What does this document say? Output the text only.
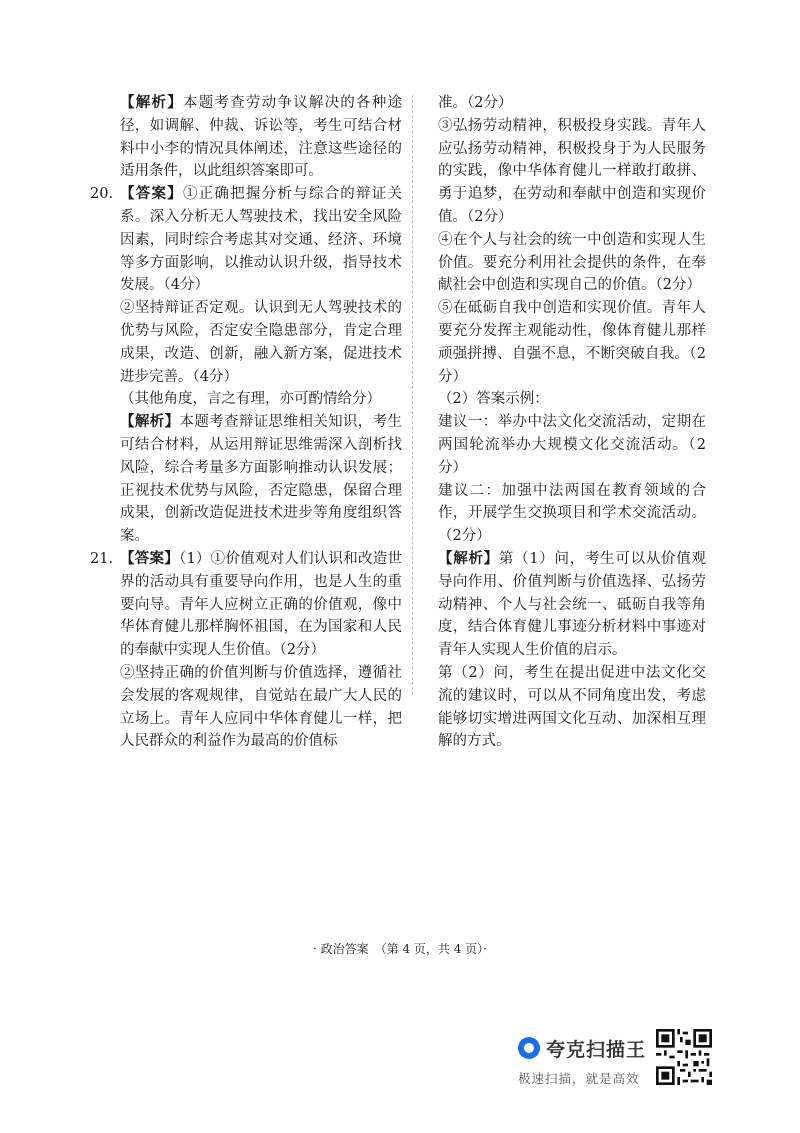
【解析】本题考查劳动争议解决的各种途径，如调解、仲裁、诉讼等，考生可结合材料中小李的情况具体阐述，注意这些途径的适用条件，以此组织答案即可。

20. 【答案】①正确把握分析与综合的辩证关系。深入分析无人驾驶技术，找出安全风险因素，同时综合考虑其对交通、经济、环境等多方面影响，以推动认识升级，指导技术发展。（4分）

②坚持辩证否定观。认识到无人驾驶技术的优势与风险，否定安全隐患部分，肯定合理成果，改造、创新，融入新方案，促进技术进步完善。（4分）

（其他角度，言之有理，亦可酌情给分）

【解析】本题考查辩证思维相关知识，考生可结合材料，从运用辩证思维需深入剖析找风险，综合考量多方面影响推动认识发展；正视技术优势与风险，否定隐患，保留合理成果，创新改造促进技术进步等角度组织答案。

21. 【答案】（1）①价值观对人们认识和改造世界的活动具有重要导向作用，也是人生的重要向导。青年人应树立正确的价值观，像中华体育健儿那样胸怀祖国，在为国家和人民的奉献中实现人生价值。（2分）

②坚持正确的价值判断与价值选择，遵循社会发展的客观规律，自觉站在最广大人民的立场上。青年人应同中华体育健儿一样，把人民群众的利益作为最高的价值标

准。（2分）

③弘扬劳动精神，积极投身实践。青年人应弘扬劳动精神，积极投身于为人民服务的实践，像中华体育健儿一样敢打敢拼、勇于追梦，在劳动和奉献中创造和实现价值。（2分）

④在个人与社会的统一中创造和实现人生价值。要充分利用社会提供的条件，在奉献社会中创造和实现自己的价值。（2分）

⑤在砥砺自我中创造和实现价值。青年人要充分发挥主观能动性，像体育健儿那样顽强拼搏、自强不息，不断突破自我。（2分）

（2）答案示例：

建议一：举办中法文化交流活动，定期在两国轮流举办大规模文化交流活动。（2分）

建议二：加强中法两国在教育领域的合作，开展学生交换项目和学术交流活动。（2分）

【解析】第（1）问，考生可以从价值观导向作用、价值判断与价值选择、弘扬劳动精神、个人与社会统一、砥砺自我等角度，结合体育健儿事迹分析材料中事迹对青年人实现人生价值的启示。

第（2）问，考生在提出促进中法文化交流的建议时，可以从不同角度出发，考虑能够切实增进两国文化互动、加深相互理解的方式。

· 政治答案　（第 4 页，共 4 页）·
夸克扫描王
极速扫描，就是高效
